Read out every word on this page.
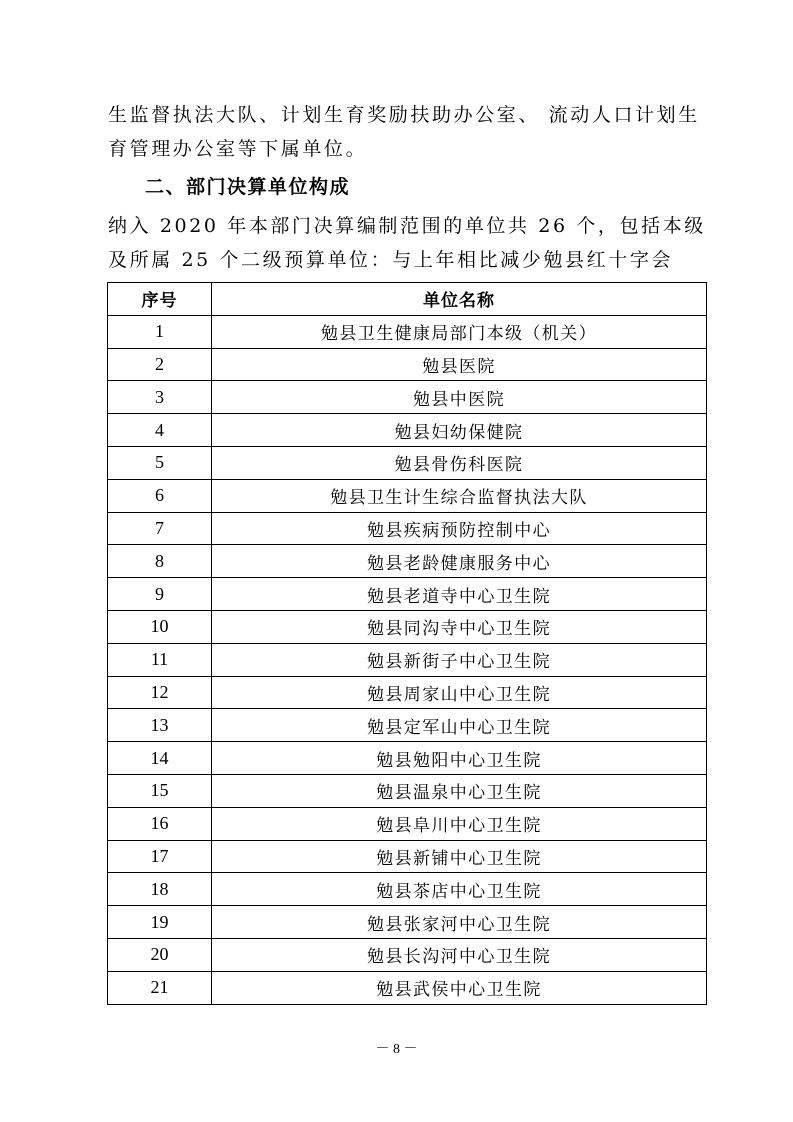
生监督执法大队、计划生育奖励扶助办公室、 流动人口计划生
育管理办公室等下属单位。

二、部门决算单位构成

纳入 2020 年本部门决算编制范围的单位共 26 个，包括本级
及所属 25 个二级预算单位：与上年相比减少勉县红十字会

序号	单位名称
1	勉县卫生健康局部门本级（机关）
2	勉县医院
3	勉县中医院
4	勉县妇幼保健院
5	勉县骨伤科医院
6	勉县卫生计生综合监督执法大队
7	勉县疾病预防控制中心
8	勉县老龄健康服务中心
9	勉县老道寺中心卫生院
10	勉县同沟寺中心卫生院
11	勉县新街子中心卫生院
12	勉县周家山中心卫生院
13	勉县定军山中心卫生院
14	勉县勉阳中心卫生院
15	勉县温泉中心卫生院
16	勉县阜川中心卫生院
17	勉县新铺中心卫生院
18	勉县茶店中心卫生院
19	勉县张家河中心卫生院
20	勉县长沟河中心卫生院
21	勉县武侯中心卫生院
－ 8 －
